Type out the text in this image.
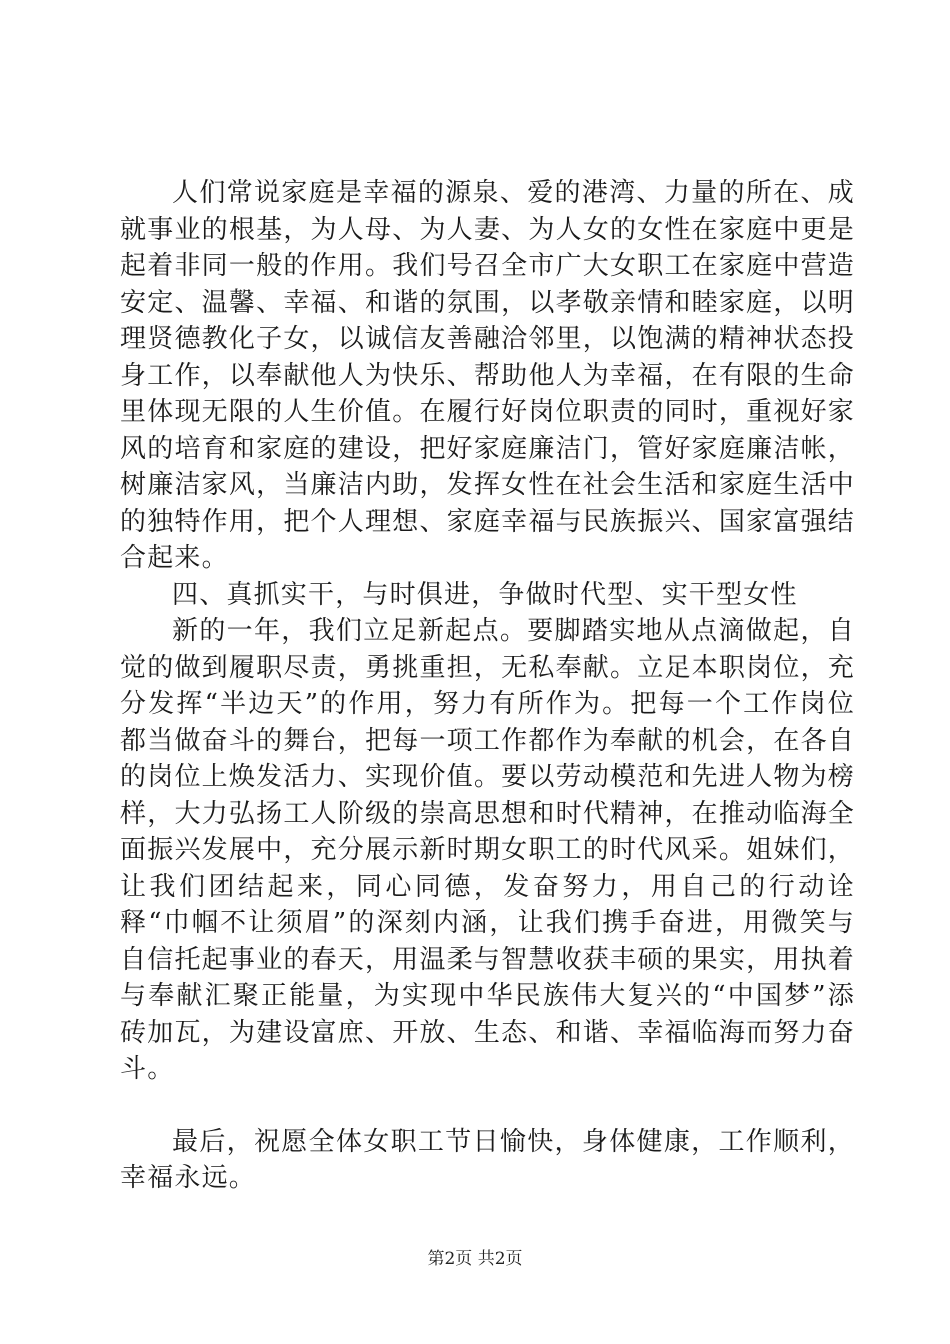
人们常说家庭是幸福的源泉、爱的港湾、力量的所在、成就事业的根基，为人母、为人妻、为人女的女性在家庭中更是起着非同一般的作用。我们号召全市广大女职工在家庭中营造安定、温馨、幸福、和谐的氛围，以孝敬亲情和睦家庭，以明理贤德教化子女，以诚信友善融洽邻里，以饱满的精神状态投身工作，以奉献他人为快乐、帮助他人为幸福，在有限的生命里体现无限的人生价值。在履行好岗位职责的同时，重视好家风的培育和家庭的建设，把好家庭廉洁门，管好家庭廉洁帐，树廉洁家风，当廉洁内助，发挥女性在社会生活和家庭生活中的独特作用，把个人理想、家庭幸福与民族振兴、国家富强结合起来。

四、真抓实干，与时俱进，争做时代型、实干型女性

新的一年，我们立足新起点。要脚踏实地从点滴做起，自觉的做到履职尽责，勇挑重担，无私奉献。立足本职岗位，充分发挥“半边天”的作用，努力有所作为。把每一个工作岗位都当做奋斗的舞台，把每一项工作都作为奉献的机会，在各自的岗位上焕发活力、实现价值。要以劳动模范和先进人物为榜样，大力弘扬工人阶级的崇高思想和时代精神，在推动临海全面振兴发展中，充分展示新时期女职工的时代风采。姐妹们，让我们团结起来，同心同德，发奋努力，用自己的行动诠释“巾帼不让须眉”的深刻内涵，让我们携手奋进，用微笑与自信托起事业的春天，用温柔与智慧收获丰硕的果实，用执着与奉献汇聚正能量，为实现中华民族伟大复兴的“中国梦”添砖加瓦，为建设富庶、开放、生态、和谐、幸福临海而努力奋斗。

最后，祝愿全体女职工节日愉快，身体健康，工作顺利，幸福永远。

第2页 共2页
